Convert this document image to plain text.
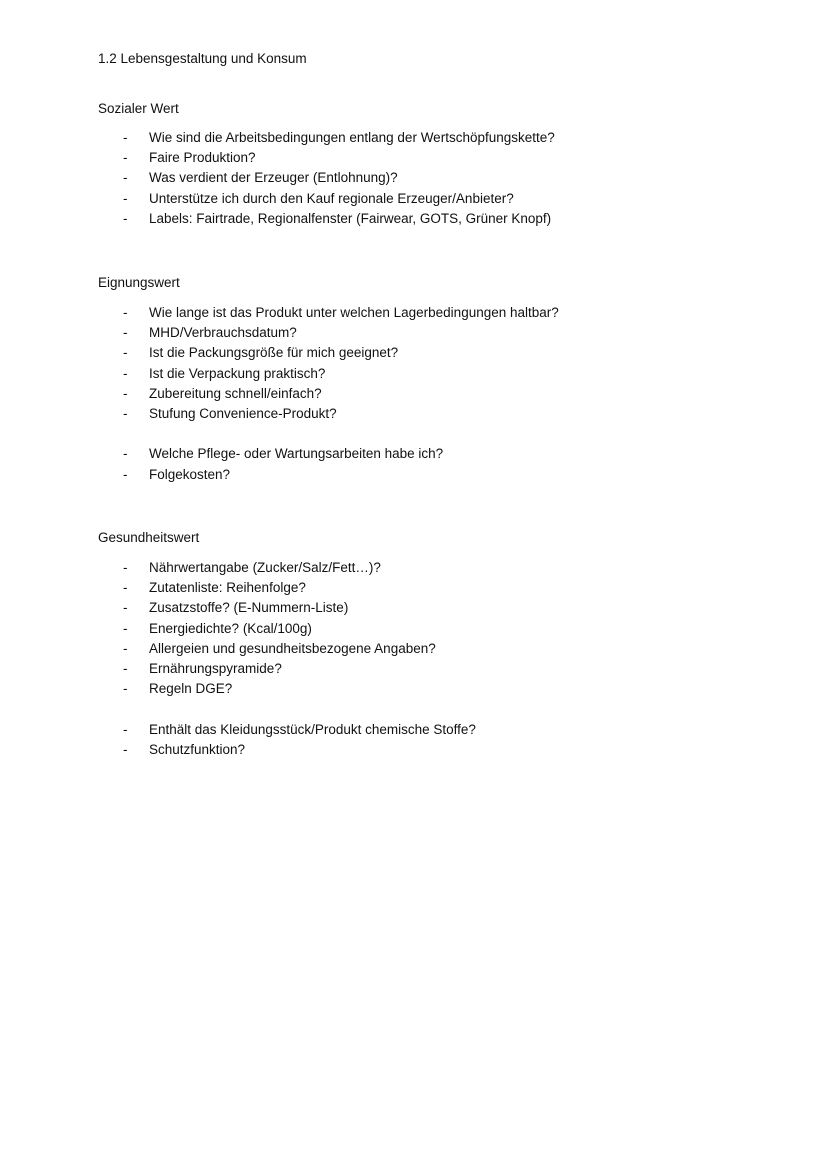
1.2 Lebensgestaltung und Konsum
Sozialer Wert
- Wie sind die Arbeitsbedingungen entlang der Wertschöpfungskette?
- Faire Produktion?
- Was verdient der Erzeuger (Entlohnung)?
- Unterstütze ich durch den Kauf regionale Erzeuger/Anbieter?
- Labels: Fairtrade, Regionalfenster (Fairwear, GOTS, Grüner Knopf)
Eignungswert
- Wie lange ist das Produkt unter welchen Lagerbedingungen haltbar?
- MHD/Verbrauchsdatum?
- Ist die Packungsgröße für mich geeignet?
- Ist die Verpackung praktisch?
- Zubereitung schnell/einfach?
- Stufung Convenience-Produkt?
- Welche Pflege- oder Wartungsarbeiten habe ich?
- Folgekosten?
Gesundheitswert
- Nährwertangabe (Zucker/Salz/Fett…)?
- Zutatenliste: Reihenfolge?
- Zusatzstoffe? (E-Nummern-Liste)
- Energiedichte? (Kcal/100g)
- Allergeien und gesundheitsbezogene Angaben?
- Ernährungspyramide?
- Regeln DGE?
- Enthält das Kleidungsstück/Produkt chemische Stoffe?
- Schutzfunktion?
